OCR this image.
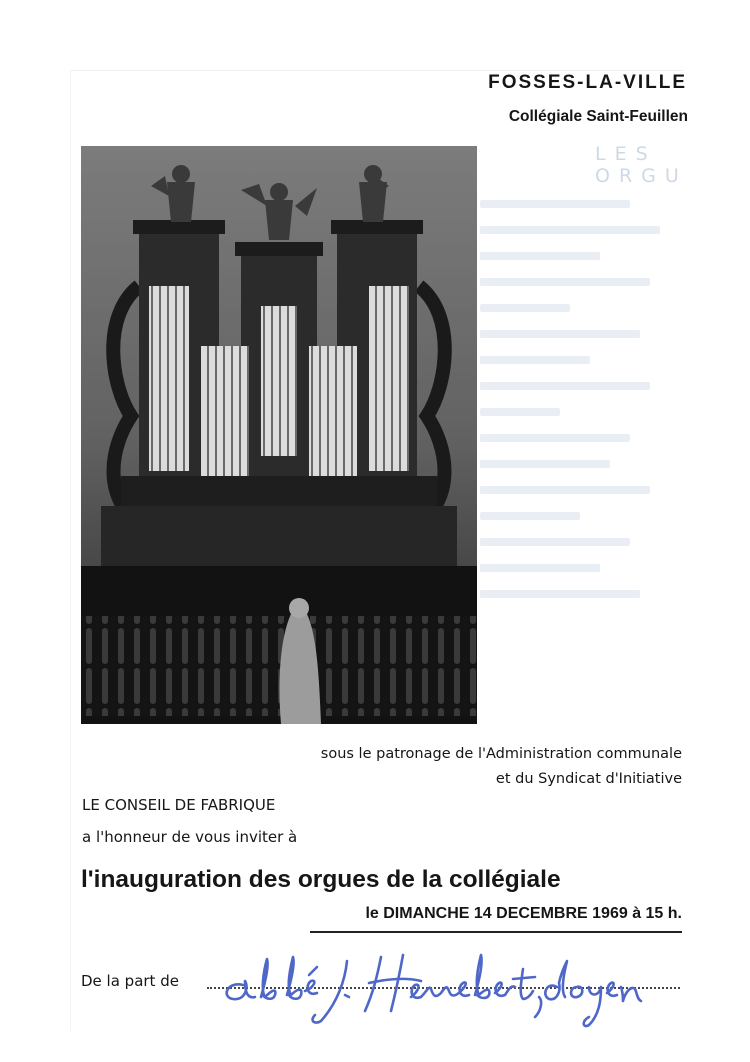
LES ORGU
FOSSES-LA-VILLE
Collégiale Saint-Feuillen
sous le patronage de l'Administration communale
et du Syndicat d'Initiative
LE CONSEIL DE FABRIQUE
a l'honneur de vous inviter à
l'inauguration des orgues de la collégiale
le DIMANCHE 14 DECEMBRE 1969 à 15 h.
De la part de
